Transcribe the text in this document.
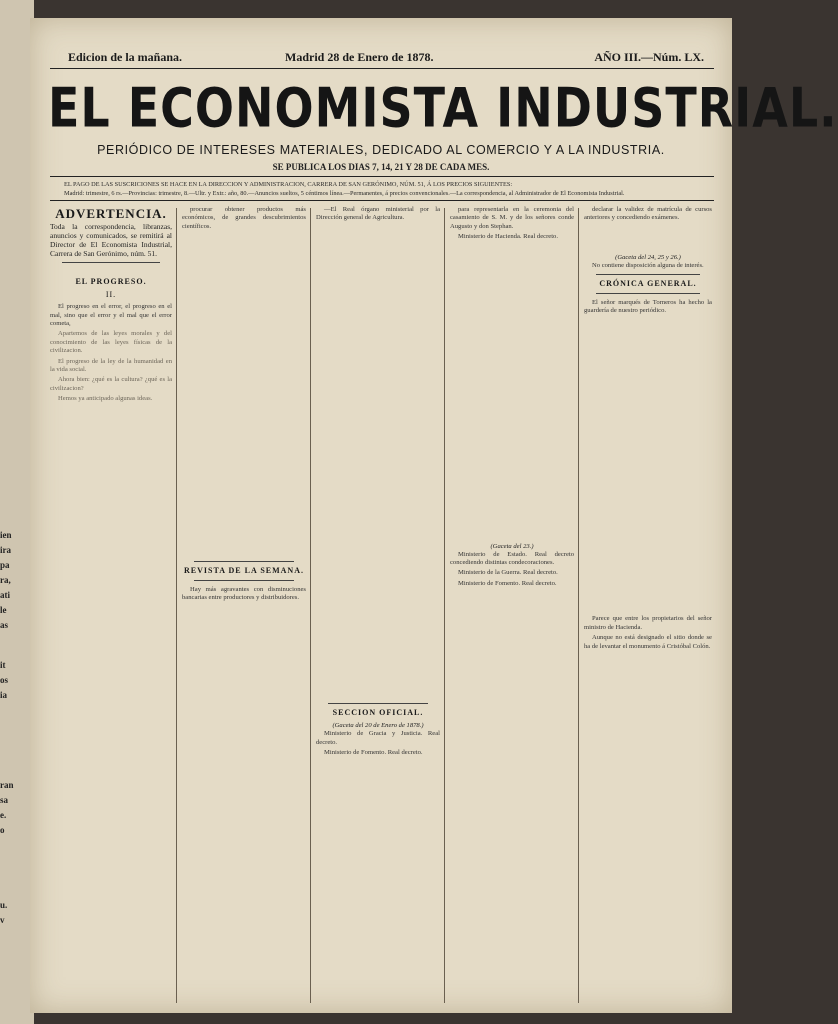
ien
ira
pa
ra,
ati
le
as
it
os
ia
ran
sa
e.
o
u.
v
Edicion de la mañana.	Madrid 28 de Enero de 1878.	AÑO III.—Núm. LX.
EL ECONOMISTA INDUSTRIAL.
PERIÓDICO DE INTERESES MATERIALES, DEDICADO AL COMERCIO Y A LA INDUSTRIA.
SE PUBLICA LOS DIAS 7, 14, 21 Y 28 DE CADA MES.
EL PAGO DE LAS SUSCRICIONES SE HACE EN LA DIRECCION Y ADMINISTRACION, CARRERA DE SAN GERÓNIMO, NÚM. 51, Á LOS PRECIOS SIGUIENTES:
Madrid: trimestre, 6 rs.—Provincias: trimestre, 8.—Ultr. y Extr.: año, 80.—Anuncios sueltos, 5 céntimos línea.—Permanentes, á precios convencionales.—La correspondencia, al Administrador de El Economista Industrial.
ADVERTENCIA.
Toda la correspondencia, libranzas, anuncios y comunicados, se remitirá al Director de El Economista Industrial, Carrera de San Gerónimo, núm. 51.
EL PROGRESO.
II.

El progreso en el error, el progreso en el mal, sino que el error y el mal que el error cometa,

Apartemos de las leyes morales y del conocimiento de las leyes físicas de la civilizacion.

El progreso de la ley de la humanidad en la vida social.

Ahora bien: ¿qué es la cultura? ¿qué es la civilizacion?

Hemos ya anticipado algunas ideas.

procurar obtener productos más económicos, de grandes descubrimientos científicos.

REVISTA DE LA SEMANA.

Hay más agravantes con disminuciones bancarias entre productores y distribuidores.

—El Real órgano ministerial por la Dirección general de Agricultura.

SECCION OFICIAL.
(Gaceta del 20 de Enero de 1878.)

Ministerio de Gracia y Justicia. Real decreto.

Ministerio de Fomento. Real decreto.

para representarla en la ceremonia del casamiento de S. M. y de los señores conde Augusto y don Stephan.

Ministerio de Hacienda. Real decreto.

(Gaceta del 23.)

Ministerio de Estado. Real decreto concediendo distintas condecoraciones.

Ministerio de la Guerra. Real decreto.

Ministerio de Fomento. Real decreto.

declarar la validez de matrícula de cursos anteriores y concediendo exámenes.

(Gaceta del 24, 25 y 26.)

No contiene disposición alguna de interés.

CRÓNICA GENERAL.

El señor marqués de Torneros ha hecho la guardería de nuestro periódico.

Parece que entre los propietarios del señor ministro de Hacienda.

Aunque no está designado el sitio donde se ha de levantar el monumento á Cristóbal Colón.
